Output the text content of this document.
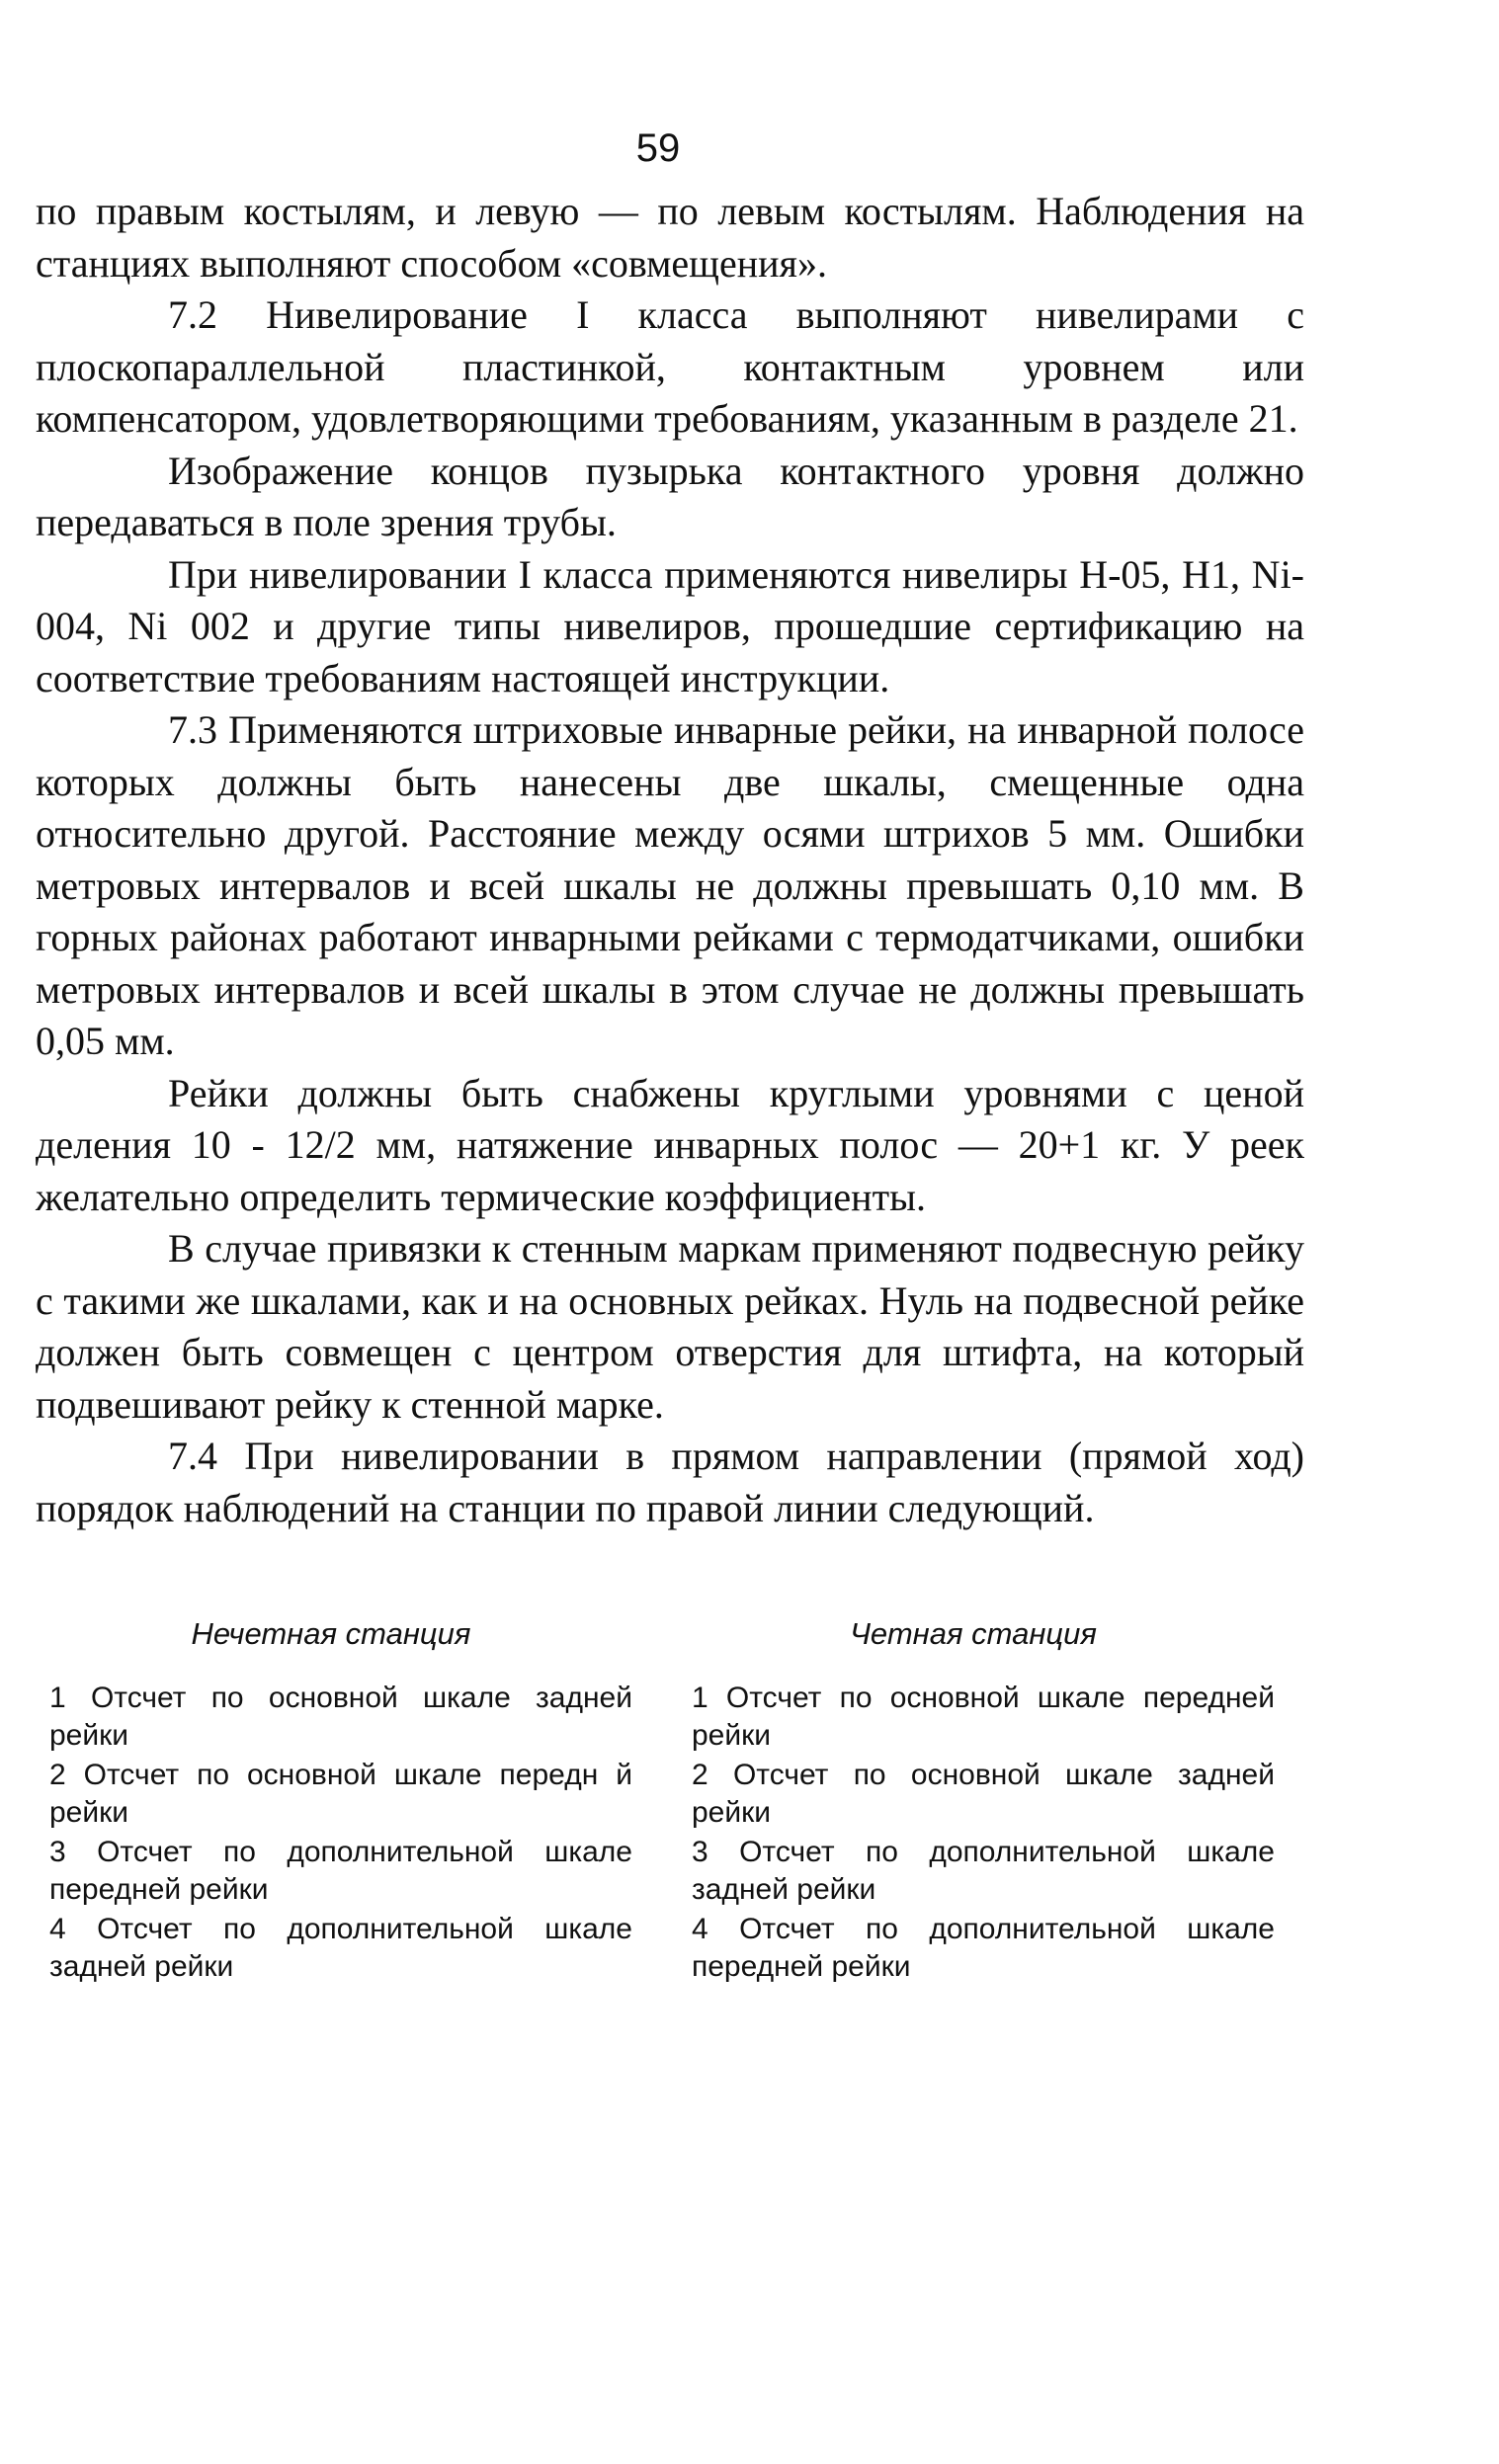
59

по правым костылям, и левую — по левым костылям. Наблюдения на станциях выполняют способом «совмещения».

7.2 Нивелирование I класса выполняют нивелирами с плоскопараллельной пластинкой, контактным уровнем или компенсатором, удовлетворяющими требованиям, указанным в разделе 21.

Изображение концов пузырька контактного уровня должно передаваться в поле зрения трубы.

При нивелировании I класса применяются нивелиры Н-05, Н1, Ni-004, Ni 002 и другие типы нивелиров, прошедшие сертификацию на соответствие требованиям настоящей инструкции.

7.3 Применяются штриховые инварные рейки, на инварной полосе которых должны быть нанесены две шкалы, смещенные одна относительно другой. Расстояние между осями штрихов 5 мм. Ошибки метровых интервалов и всей шкалы не должны превышать 0,10 мм. В горных районах работают инварными рейками с термодатчиками, ошибки метровых интервалов и всей шкалы в этом случае не должны превышать 0,05 мм.

Рейки должны быть снабжены круглыми уровнями с ценой деления 10 - 12/2 мм, натяжение инварных полос — 20+1 кг. У реек желательно определить термические коэффициенты.

В случае привязки к стенным маркам применяют подвесную рейку с такими же шкалами, как и на основных рейках. Нуль на подвесной рейке должен быть совмещен с центром отверстия для штифта, на который подвешивают рейку к стенной марке.

7.4 При нивелировании в прямом направлении (прямой ход) порядок наблюдений на станции по правой линии следующий.

Нечетная станция
1 Отсчет по основной шкале задней рейки
2 Отсчет по основной шкале передн й рейки
3 Отсчет по дополнительной шкале передней рейки
4 Отсчет по дополнительной шкале задней рейки
Четная станция
1 Отсчет по основной шкале передней рейки
2 Отсчет по основной шкале задней рейки
3 Отсчет по дополнительной шкале задней рейки
4 Отсчет по дополнительной шкале передней рейки
